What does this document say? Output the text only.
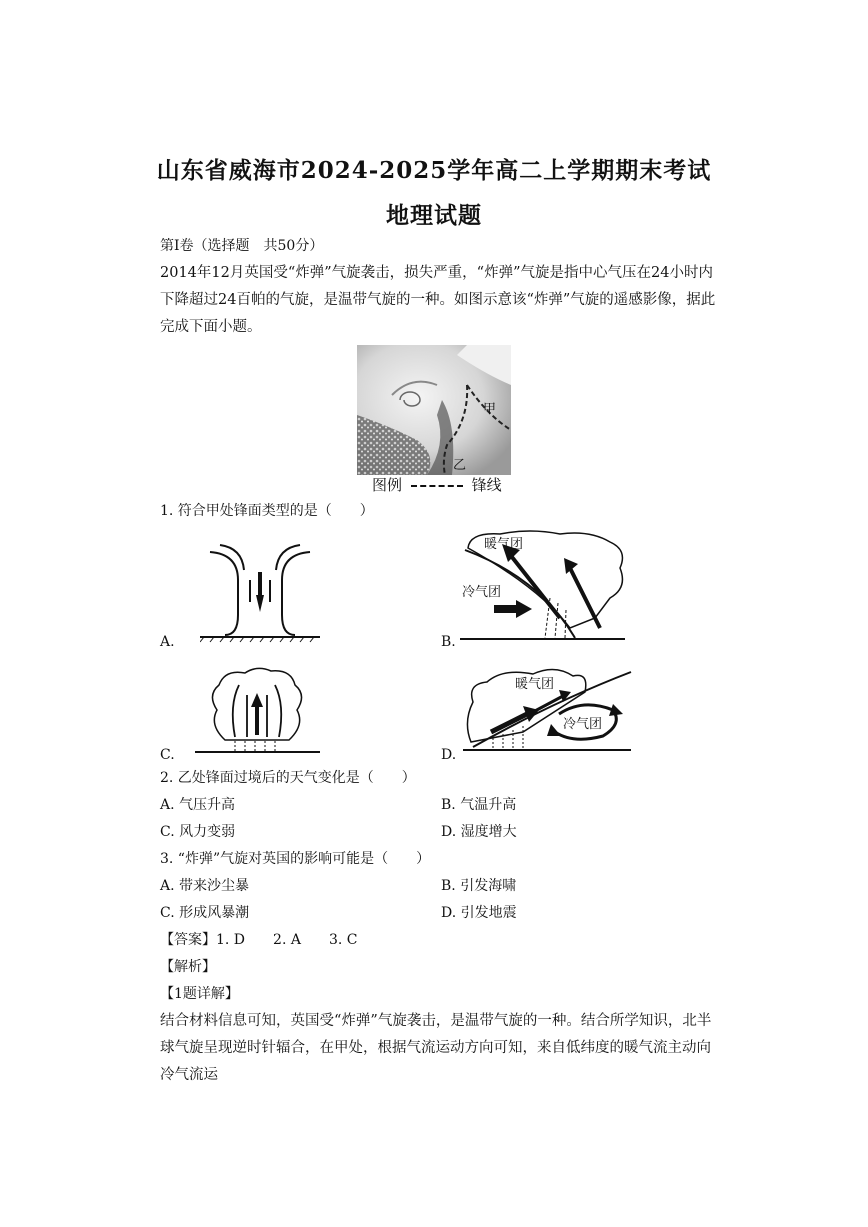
山东省威海市2024-2025学年高二上学期期末考试
地理试题
第Ⅰ卷（选择题　共50分）
2014年12月英国受“炸弹”气旋袭击，损失严重，“炸弹”气旋是指中心气压在24小时内下降超过24百帕的气旋，是温带气旋的一种。如图示意该“炸弹”气旋的遥感影像，据此完成下面小题。
甲
乙
图例	锋线
1. 符合甲处锋面类型的是（　　）
A.
暖气团
冷气团
B.
C.
暖气团
冷气团
D.
2. 乙处锋面过境后的天气变化是（　　）
A. 气压升高	B. 气温升高
C. 风力变弱	D. 湿度增大
3. “炸弹”气旋对英国的影响可能是（　　）
A. 带来沙尘暴	B. 引发海啸
C. 形成风暴潮	D. 引发地震
【答案】1. D　　2. A　　3. C
【解析】
【1题详解】
结合材料信息可知，英国受“炸弹”气旋袭击，是温带气旋的一种。结合所学知识，北半球气旋呈现逆时针辐合，在甲处，根据气流运动方向可知，来自低纬度的暖气流主动向冷气流运
